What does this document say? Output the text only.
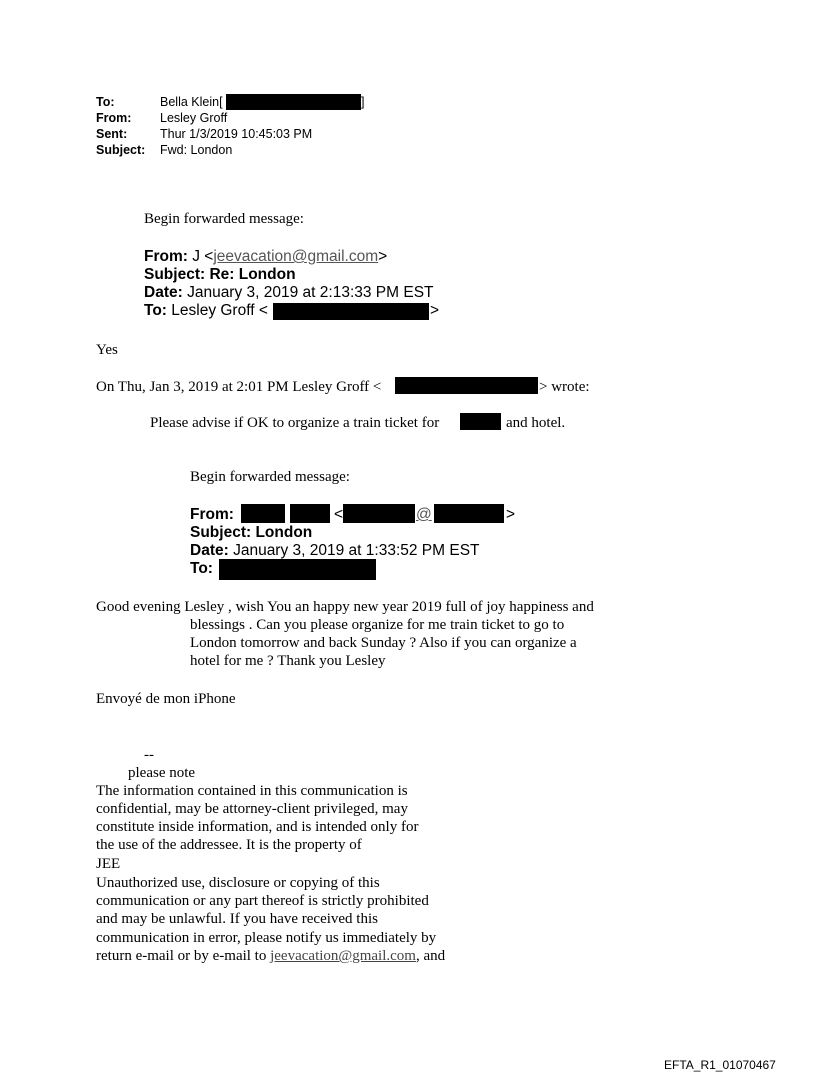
To:	Bella Klein[	]
From: Lesley Groff
Sent:	Thur 1/3/2019 10:45:03 PM
Subject: Fwd: London
Begin forwarded message:
From: J <jeevacation@gmail.com>
Subject: Re: London
Date: January 3, 2019 at 2:13:33 PM EST
To: Lesley Groff <	>
Yes
On Thu, Jan 3, 2019 at 2:01 PM Lesley Groff <	> wrote:
Please advise if OK to organize a train ticket for	and hotel.
Begin forwarded message:
From:	<	@	>
Subject: London
Date: January 3, 2019 at 1:33:52 PM EST
To:
Good evening Lesley , wish You an happy new year 2019 full of joy happiness and
blessings . Can you please organize for me train ticket to go to
London tomorrow and back Sunday ? Also if you can organize a
hotel for me ? Thank you Lesley
Envoyé de mon iPhone
--
please note
The information contained in this communication is
confidential, may be attorney-client privileged, may
constitute inside information, and is intended only for
the use of the addressee. It is the property of
JEE
Unauthorized use, disclosure or copying of this
communication or any part thereof is strictly prohibited
and may be unlawful. If you have received this
communication in error, please notify us immediately by
return e-mail or by e-mail to jeevacation@gmail.com, and
EFTA_R1_01070467
